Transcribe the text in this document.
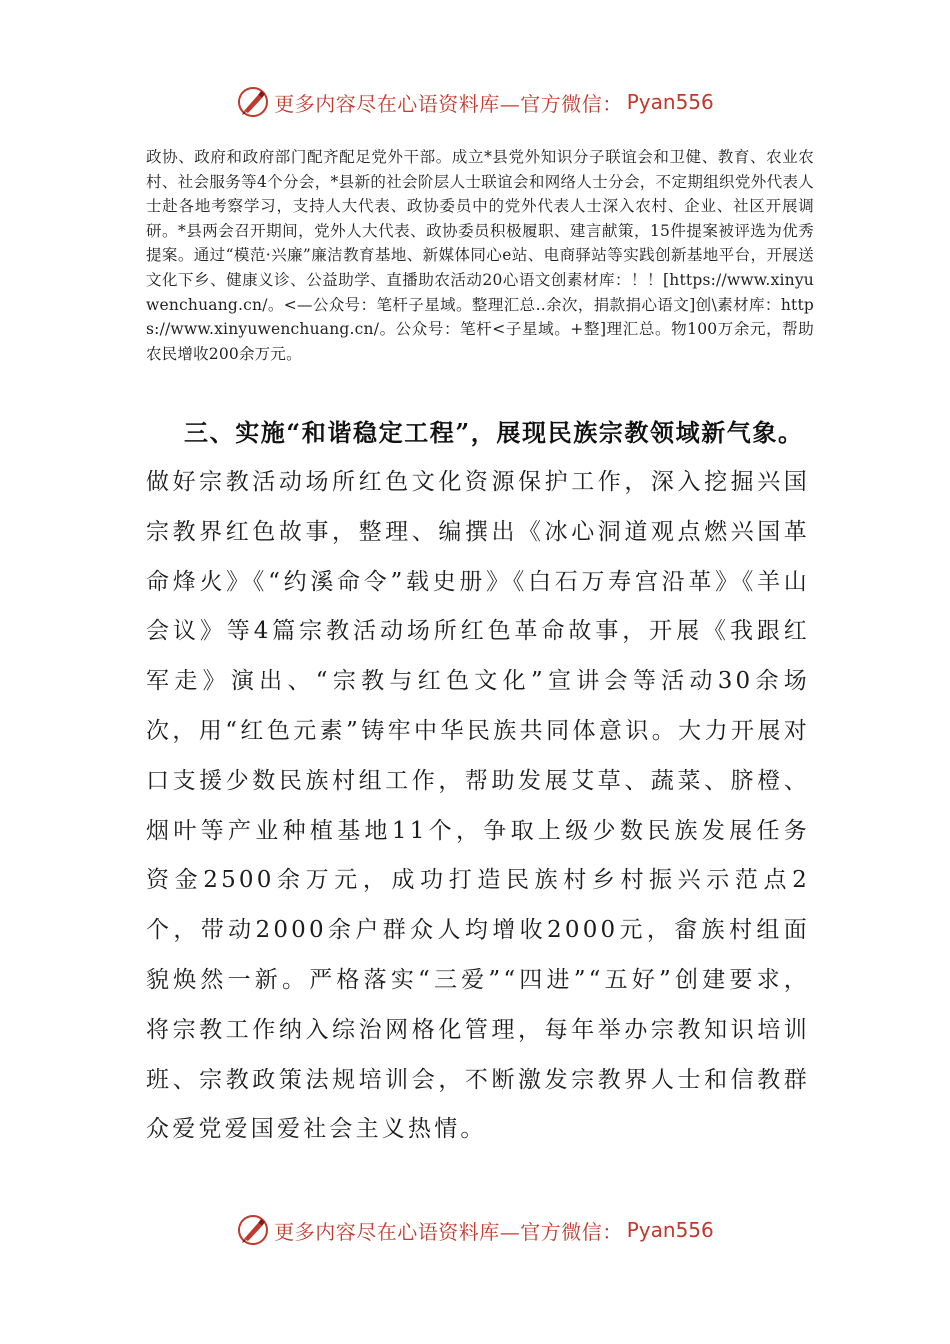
更多内容尽在心语资料库—官方微信： Pyan556

政协、政府和政府部门配齐配足党外干部。成立*县党外知识分子联谊会和卫健、教育、农业农村、社会服务等4个分会，*县新的社会阶层人士联谊会和网络人士分会，不定期组织党外代表人士赴各地考察学习，支持人大代表、政协委员中的党外代表人士深入农村、企业、社区开展调研。*县两会召开期间，党外人大代表、政协委员积极履职、建言献策，15件提案被评选为优秀提案。通过“模范·兴廉”廉洁教育基地、新媒体同心e站、电商驿站等实践创新基地平台，开展送文化下乡、健康义诊、公益助学、直播助农活动20心语文创素材库：！！[https://www.xinyuwenchuang.cn/。<—公众号：笔杆子星域。整理汇总..余次，捐款捐心语文]创\素材库：https://www.xinyuwenchuang.cn/。公众号：笔杆<子星域。+整]理汇总。物100万余元，帮助农民增收200余万元。

三、实施“和谐稳定工程”，展现民族宗教领域新气象。

做好宗教活动场所红色文化资源保护工作，深入挖掘兴国宗教界红色故事，整理、编撰出《冰心洞道观点燃兴国革命烽火》《“约溪命令”载史册》《白石万寿宫沿革》《羊山会议》等4篇宗教活动场所红色革命故事，开展《我跟红军走》演出、“宗教与红色文化”宣讲会等活动30余场次，用“红色元素”铸牢中华民族共同体意识。大力开展对口支援少数民族村组工作，帮助发展艾草、蔬菜、脐橙、烟叶等产业种植基地11个，争取上级少数民族发展任务资金2500余万元，成功打造民族村乡村振兴示范点2个，带动2000余户群众人均增收2000元，畲族村组面貌焕然一新。严格落实“三爱”“四进”“五好”创建要求，将宗教工作纳入综治网格化管理，每年举办宗教知识培训班、宗教政策法规培训会，不断激发宗教界人士和信教群众爱党爱国爱社会主义热情。

更多内容尽在心语资料库—官方微信： Pyan556
